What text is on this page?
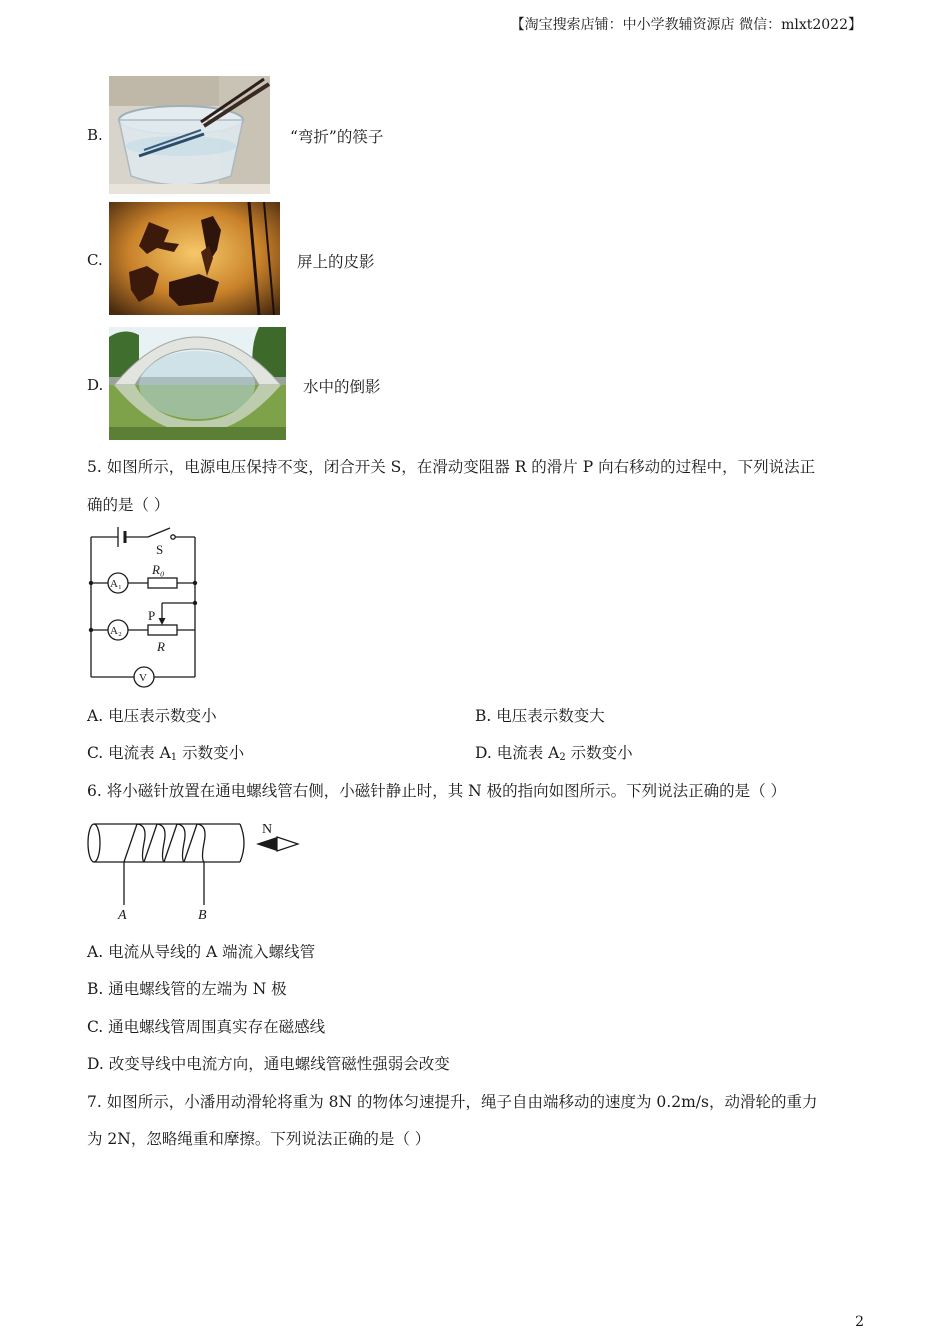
【淘宝搜索店铺：中小学教辅资源店 微信：mlxt2022】
B.	“弯折”的筷子
C.	屏上的皮影
D.	水中的倒影
5. 如图所示，电源电压保持不变，闭合开关 S，在滑动变阻器 R 的滑片 P 向右移动的过程中，下列说法正
确的是（ ）
S
R₀
P
R
A₁
A₂
V
A. 电压表示数变小	B. 电压表示数变大
C. 电流表 $A_1$ 示数变小	D. 电流表 $A_2$ 示数变小
6. 将小磁针放置在通电螺线管右侧，小磁针静止时，其 N 极的指向如图所示。下列说法正确的是（ ）
N
A	B
A. 电流从导线的 A 端流入螺线管
B. 通电螺线管的左端为 N 极
C. 通电螺线管周围真实存在磁感线
D. 改变导线中电流方向，通电螺线管磁性强弱会改变
7. 如图所示，小潘用动滑轮将重为 8N 的物体匀速提升，绳子自由端移动的速度为 0.2m/s，动滑轮的重力
为 2N，忽略绳重和摩擦。下列说法正确的是（ ）
2
